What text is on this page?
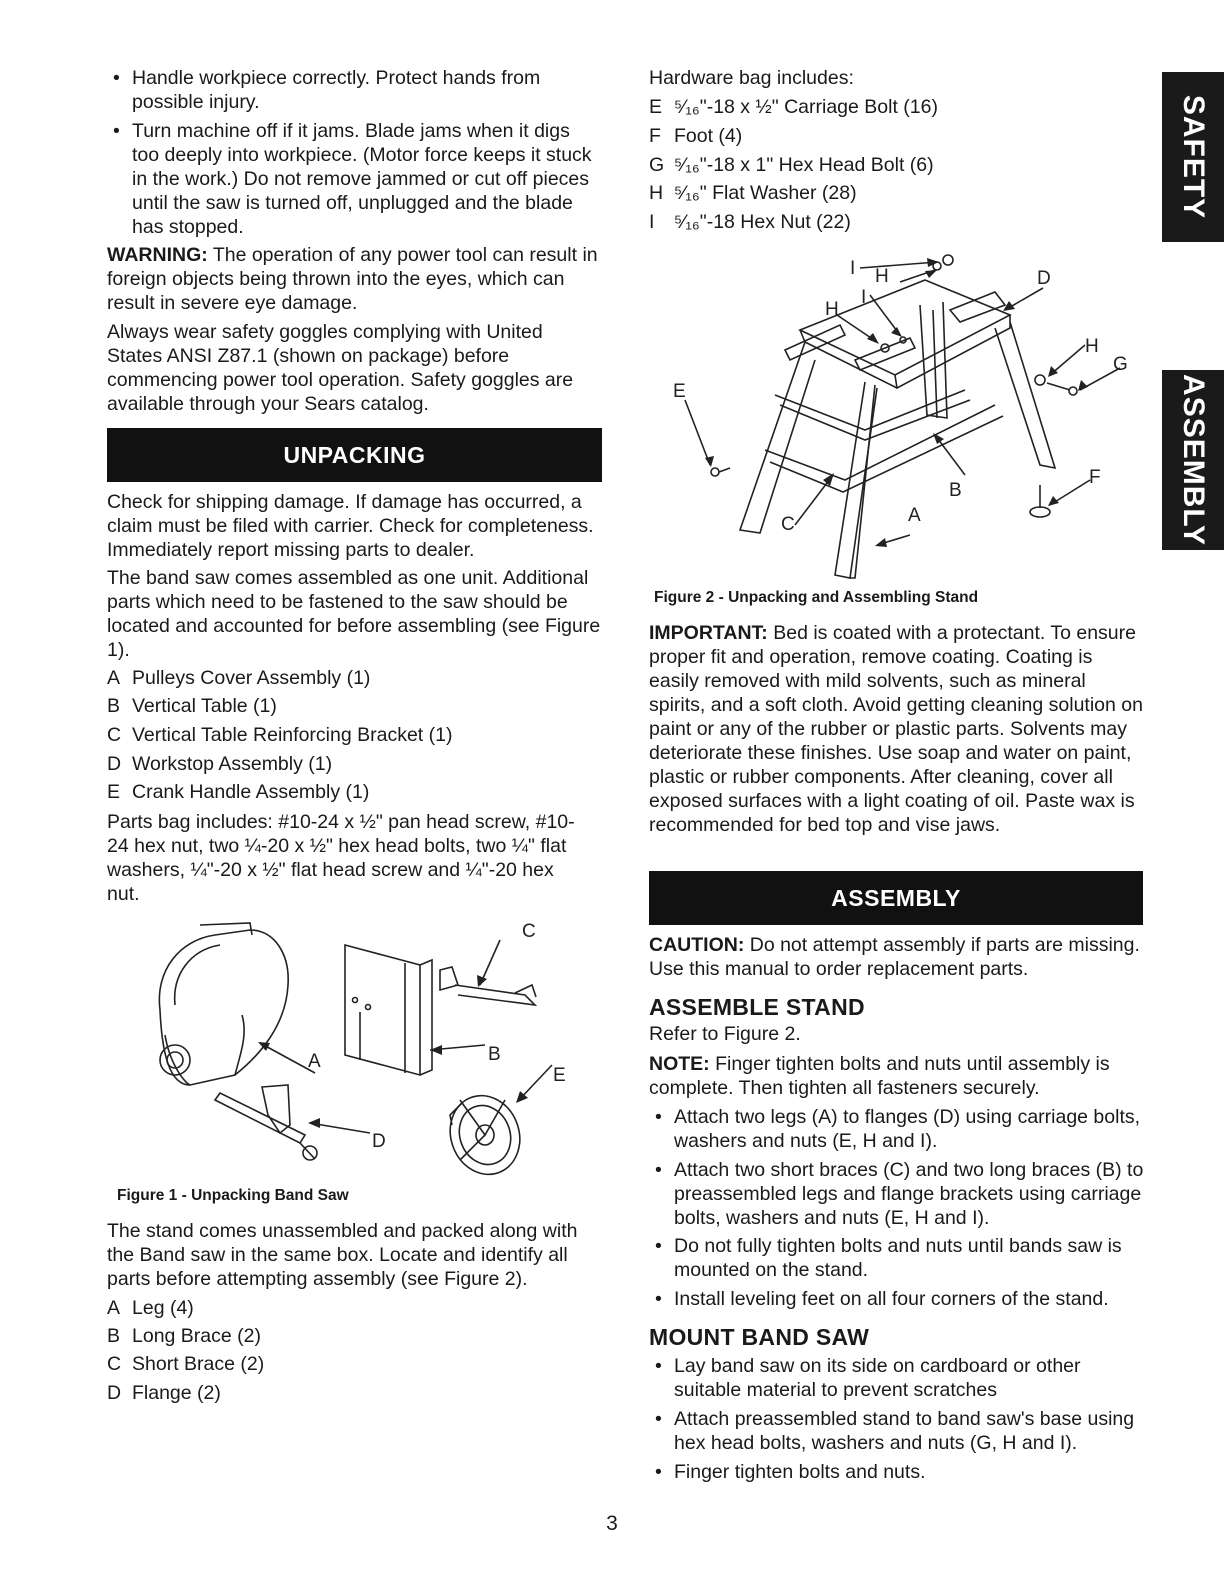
• Handle workpiece correctly. Protect hands from possible injury.
• Turn machine off if it jams. Blade jams when it digs too deeply into workpiece. (Motor force keeps it stuck in the work.) Do not remove jammed or cut off pieces until the saw is turned off, unplugged and the blade has stopped.

WARNING: The operation of any power tool can result in foreign objects being thrown into the eyes, which can result in severe eye damage.

Always wear safety goggles complying with United States ANSI Z87.1 (shown on package) before commencing power tool operation. Safety goggles are available through your Sears catalog.

UNPACKING

Check for shipping damage. If damage has occurred, a claim must be filed with carrier. Check for completeness. Immediately report missing parts to dealer.

The band saw comes assembled as one unit. Additional parts which need to be fastened to the saw should be located and accounted for before assembling (see Figure 1).

A Pulleys Cover Assembly (1)
B Vertical Table (1)
C Vertical Table Reinforcing Bracket (1)
D Workstop Assembly (1)
E Crank Handle Assembly (1)

Parts bag includes: #10-24 x ½" pan head screw, #10-24 hex nut, two ¼-20 x ½" hex head bolts, two ¼" flat washers, ¼"-20 x ½" flat head screw and ¼"-20 hex nut.

Figure 1 - Unpacking Band Saw

The stand comes unassembled and packed along with the Band saw in the same box. Locate and identify all parts before attempting assembly (see Figure 2).

A Leg (4)
B Long Brace (2)
C Short Brace (2)
D Flange (2)
A	B
C
D
E
Hardware bag includes:
E ⁵⁄₁₆"-18 x ½" Carriage Bolt (16)
F Foot (4)
G ⁵⁄₁₆"-18 x 1" Hex Head Bolt (6)
H ⁵⁄₁₆" Flat Washer (28)
I ⁵⁄₁₆"-18 Hex Nut (22)
Figure 2 - Unpacking and Assembling Stand

IMPORTANT: Bed is coated with a protectant. To ensure proper fit and operation, remove coating. Coating is easily removed with mild solvents, such as mineral spirits, and a soft cloth. Avoid getting cleaning solution on paint or any of the rubber or plastic parts. Solvents may deteriorate these finishes. Use soap and water on paint, plastic or rubber components. After cleaning, cover all exposed surfaces with a light coating of oil. Paste wax is recommended for bed top and vise jaws.

ASSEMBLY

CAUTION: Do not attempt assembly if parts are missing. Use this manual to order replacement parts.

ASSEMBLE STAND

Refer to Figure 2.

NOTE: Finger tighten bolts and nuts until assembly is complete. Then tighten all fasteners securely.

• Attach two legs (A) to flanges (D) using carriage bolts, washers and nuts (E, H and I).
• Attach two short braces (C) and two long braces (B) to preassembled legs and flange brackets using carriage bolts, washers and nuts (E, H and I).
• Do not fully tighten bolts and nuts until bands saw is mounted on the stand.
• Install leveling feet on all four corners of the stand.
MOUNT BAND SAW
• Lay band saw on its side on cardboard or other suitable material to prevent scratches
• Attach preassembled stand to band saw's base using hex head bolts, washers and nuts (G, H and I).
• Finger tighten bolts and nuts.
I H
H
I
D
H
G
E
F
B
A
C
SAFETY
ASSEMBLY
3
